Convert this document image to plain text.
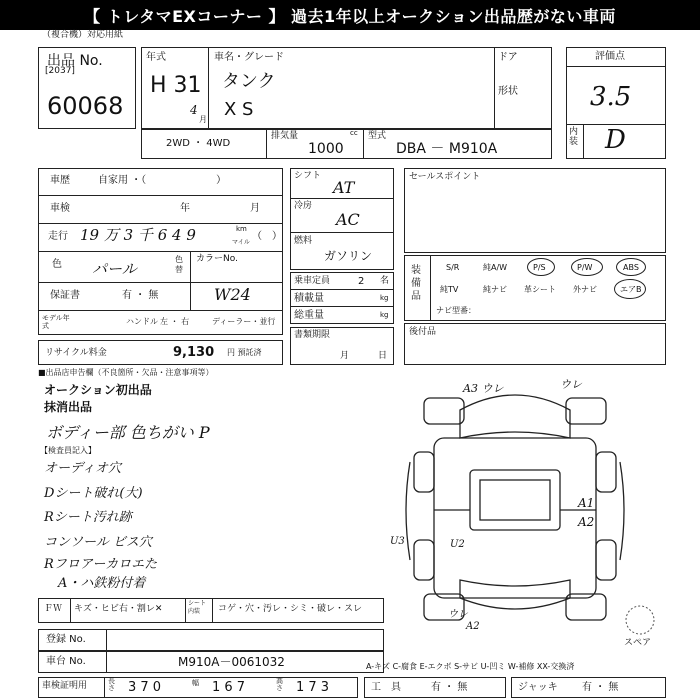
【 トレタマEXコーナー 】 過去1年以上オークション出品歴がない車両
（複合機）対応用紙
出品 No.
[2037]
60068
年式
H 31
4
月
車名・グレード
タンク
X S
ドア
形状
評価点
3.5
内装 D
2WD ・ 4WD
排気量	cc
1000
型式
DBA － M910A
車歴	自家用 ・（　　　　　　　）
車検	年	月
走行 19 万 3 千 6 4 9	km
マイル
（　）
色 パール
色替
カラーNo.
保証書	有 ・ 無	W24
モデル年式
ハンドル 左 ・ 右	ディーラー・並行
リサイクル料金	9,130 円 預託済
シフト
AT
冷房
AC
燃料
ガソリン
乗車定員	2 名
積載量	kg
総重量	kg
書類期限
月	日
セールスポイント
装備品
S/R	純A/W	P/S	P/W	ABS
純TV	純ナビ 革シート 外ナビ	エアB
ナビ型番：
後付品
■出品店申告欄（不良箇所・欠品・注意事項等）
オークション初出品
抹消出品
ボディー部 色ちがい P
【検査員記入】
オーディオ穴
Dシート破れ(大)
Rシート汚れ跡
コンソール ビス穴
Rフロアーカロエた
A・ハ鉄粉付着
A3 ウレ	ウレ
A1
U3	U2
A2
ウレ
A2
スペア
ＦＷ キズ・ヒビ右・割レ✕
シート内装	コゲ・穴・汚レ・シミ・破レ・スレ
登録 No.
車台 No.	M910A－0061032	A-キズ C-腐食 E-エクボ S-サビ U-凹ミ W-補修 XX-交換済
車検証明用	長さ 3 7 0	幅 1 6 7	高さ 1 7 3	工　具	有 ・ 無	ジャッキ 有 ・ 無
